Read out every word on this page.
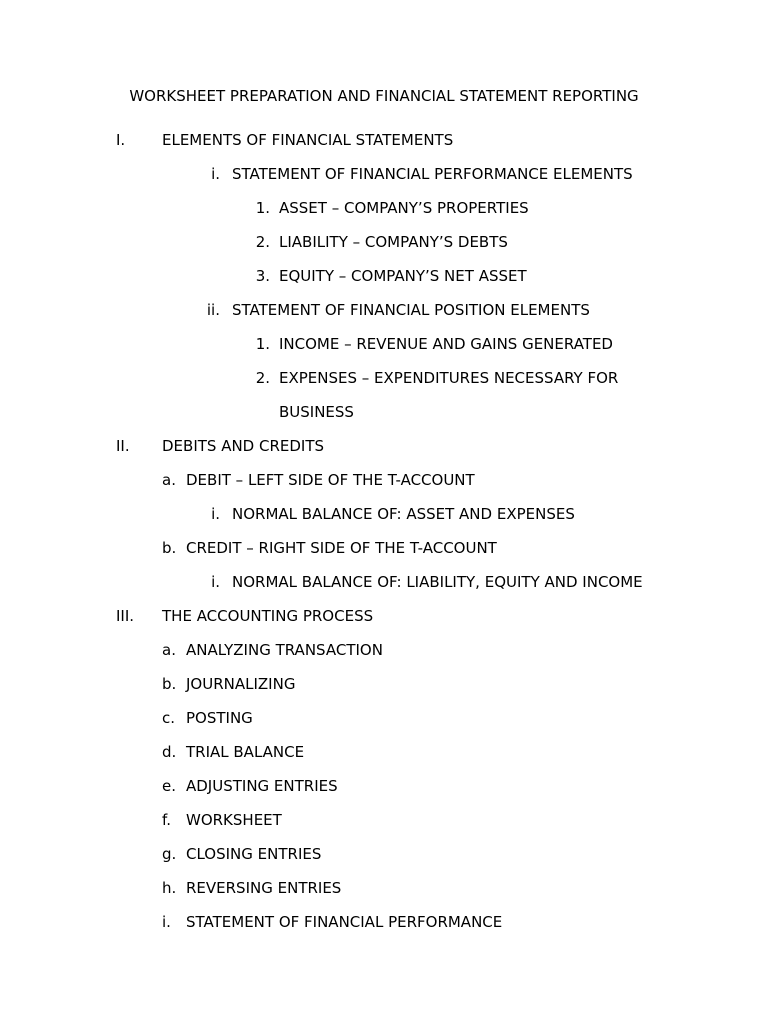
WORKSHEET PREPARATION AND FINANCIAL STATEMENT REPORTING
I. ELEMENTS OF FINANCIAL STATEMENTS
i. STATEMENT OF FINANCIAL PERFORMANCE ELEMENTS
1. ASSET – COMPANY’S PROPERTIES
2. LIABILITY – COMPANY’S DEBTS
3. EQUITY – COMPANY’S NET ASSET
ii. STATEMENT OF FINANCIAL POSITION ELEMENTS
1. INCOME – REVENUE AND GAINS GENERATED
2. EXPENSES – EXPENDITURES NECESSARY FOR
BUSINESS
II. DEBITS AND CREDITS
a. DEBIT – LEFT SIDE OF THE T-ACCOUNT
i. NORMAL BALANCE OF: ASSET AND EXPENSES
b. CREDIT – RIGHT SIDE OF THE T-ACCOUNT
i. NORMAL BALANCE OF: LIABILITY, EQUITY AND INCOME
III. THE ACCOUNTING PROCESS
a. ANALYZING TRANSACTION
b. JOURNALIZING
c. POSTING
d. TRIAL BALANCE
e. ADJUSTING ENTRIES
f. WORKSHEET
g. CLOSING ENTRIES
h. REVERSING ENTRIES
i. STATEMENT OF FINANCIAL PERFORMANCE
